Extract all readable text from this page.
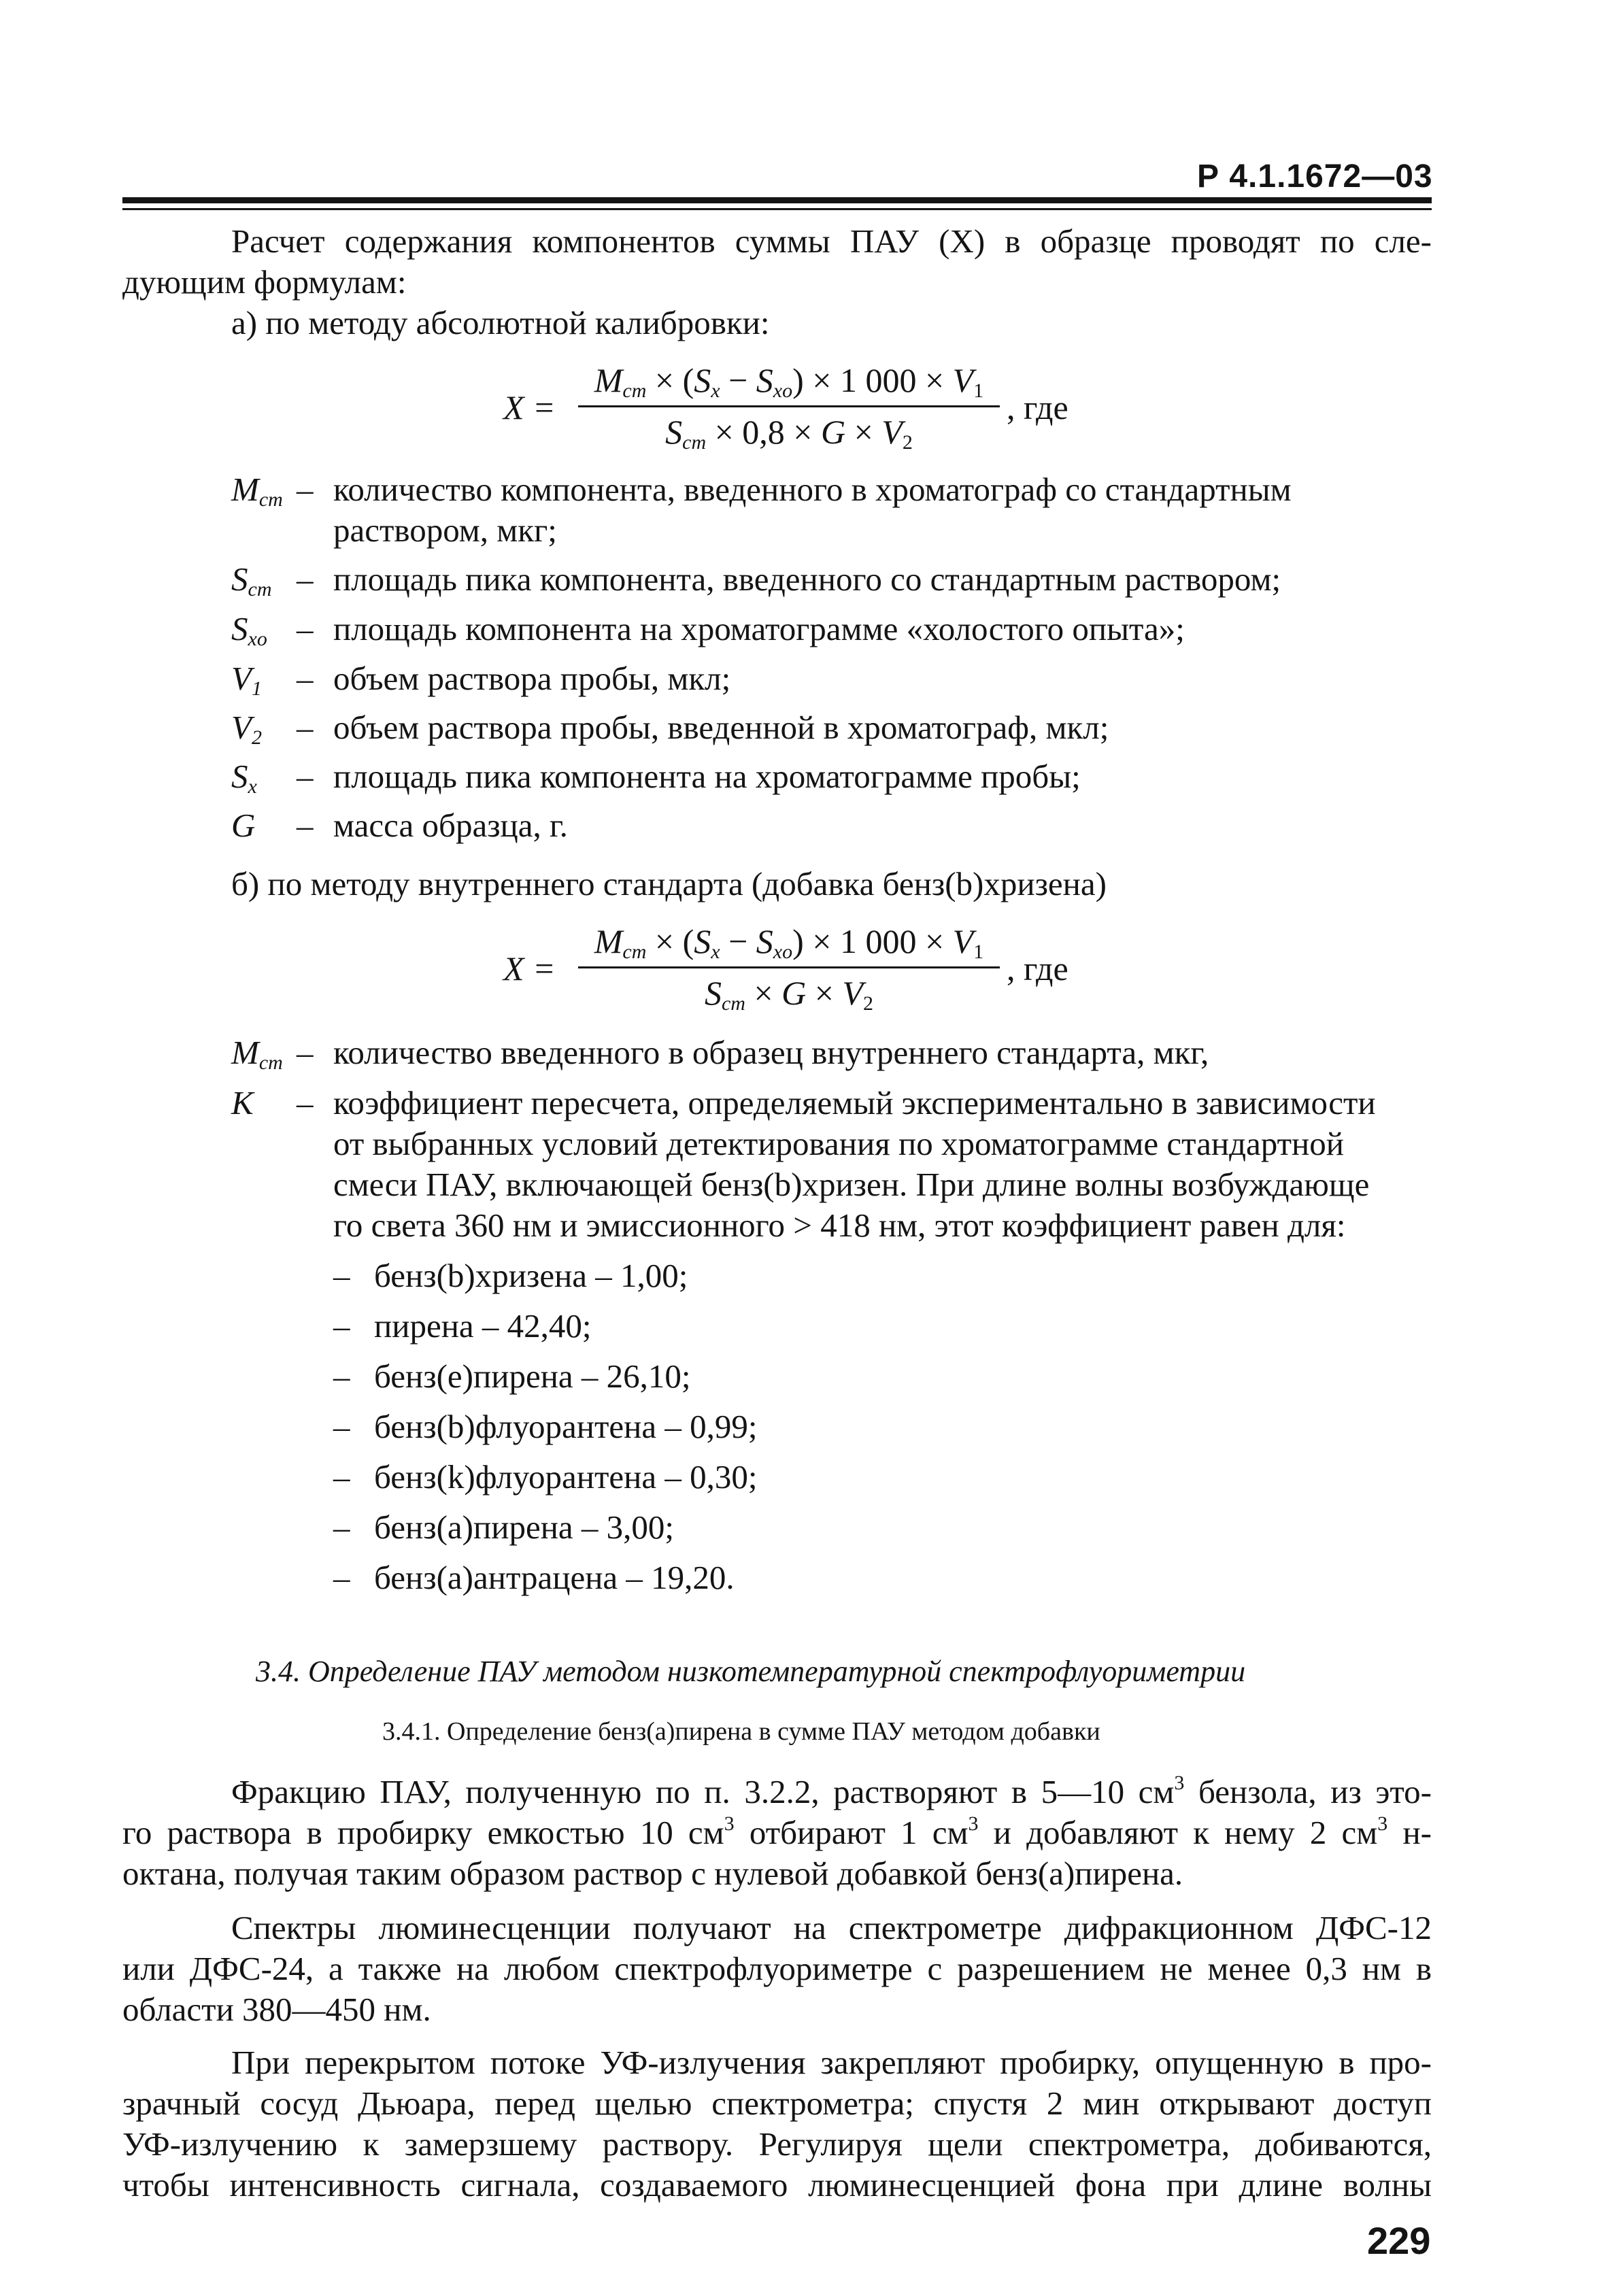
Р 4.1.1672—03
Расчет содержания компонентов суммы ПАУ (Х) в образце проводят по сле-
дующим формулам:
а) по методу абсолютной калибровки:
X =
$M_{cm} \times (S_x - S_{xo}) \times 1$ $000 \times V_1$
$S_{cm} \times 0,8 \times G \times V_2$
, где
$M_{cm}$ – количество компонента, введенного в хроматограф со стандартным
раствором, мкг;
$S_{cm}$ – площадь пика компонента, введенного со стандартным раствором;
$S_{xo}$ – площадь компонента на хроматограмме «холостого опыта»;
$V_1$	– объем раствора пробы, мкл;
$V_2$	– объем раствора пробы, введенной в хроматограф, мкл;
$S_x$	– площадь пика компонента на хроматограмме пробы;
G	– масса образца, г.
б) по методу внутреннего стандарта (добавка бенз(b)хризена)
X =
$M_{cm} \times (S_x - S_{xo}) \times 1$ $000 \times V_1$
$S_{cm} \times G \times V_2$
, где
$M_{cm}$ – количество введенного в образец внутреннего стандарта, мкг,
K	– коэффициент пересчета, определяемый экспериментально в зависимости
от выбранных условий детектирования по хроматограмме стандартной
смеси ПАУ, включающей бенз(b)хризен. При длине волны возбуждающе
го света 360 нм и эмиссионного > 418 нм, этот коэффициент равен для:
– бенз(b)хризена – 1,00;
– пирена – 42,40;
– бенз(е)пирена – 26,10;
– бенз(b)флуорантена – 0,99;
– бенз(k)флуорантена – 0,30;
– бенз(а)пирена – 3,00;
– бенз(а)антрацена – 19,20.
3.4. Определение ПАУ методом низкотемпературной спектрофлуориметрии
3.4.1. Определение бенз(а)пирена в сумме ПАУ методом добавки
Фракцию ПАУ, полученную по п. 3.2.2, растворяют в 5—10 $см^3$ бензола, из это-
го раствора в пробирку емкостью 10 $см^3$ отбирают 1 $см^3$ и добавляют к нему 2 $см^3$ н-
октана, получая таким образом раствор с нулевой добавкой бенз(а)пирена.
Спектры люминесценции получают на спектрометре дифракционном ДФС-12
или ДФС-24, а также на любом спектрофлуориметре с разрешением не менее 0,3 нм в
области 380—450 нм.
При перекрытом потоке УФ-излучения закрепляют пробирку, опущенную в про-
зрачный сосуд Дьюара, перед щелью спектрометра; спустя 2 мин открывают доступ
УФ-излучению к замерзшему раствору. Регулируя щели спектрометра, добиваются,
чтобы интенсивность сигнала, создаваемого люминесценцией фона при длине волны
229
